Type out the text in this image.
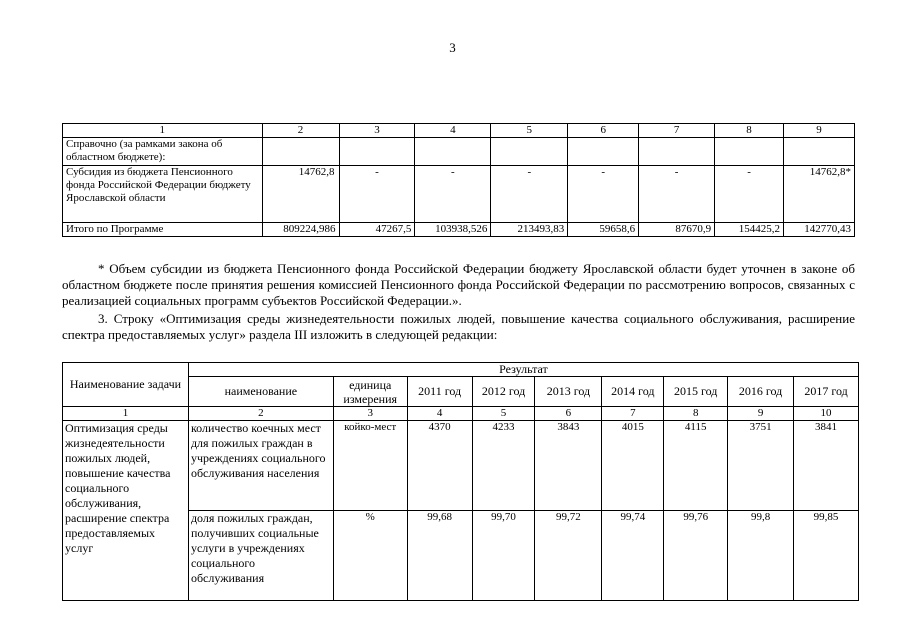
3
1	2	3	4	5	6	7	8	9
Справочно (за рамками закона об областном бюджете):								
Субсидия из бюджета Пенсионного фонда Российской Федерации бюджету Ярославской области	14762,8	-	-	-	-	-	-	14762,8*
Итого по Программе	809224,986	47267,5	103938,526	213493,83	59658,6	87670,9	154425,2	142770,43

* Объем субсидии из бюджета Пенсионного фонда Российской Федерации бюджету Ярославской области будет уточнен в законе об областном бюджете после принятия решения комиссией Пенсионного фонда Российской Федерации по рассмотрению вопросов, связанных с реализацией социальных программ субъектов Российской Федерации.».

3. Строку «Оптимизация среды жизнедеятельности пожилых людей, повышение качества социального обслуживания, расширение спектра предоставляемых услуг» раздела III изложить в следующей редакции:

Наименование задачи	Результат								
	наименование	единица измерения	2011 год	2012 год	2013 год	2014 год	2015 год	2016 год	2017 год
1	2	3	4	5	6	7	8	9	10
Оптимизация среды жизнедеятельности пожилых людей, повышение качества социального обслуживания, расширение спектра предоставляемых услуг	количество коечных мест для пожилых граждан в учреждениях социального обслуживания населения	койко-мест	4370	4233	3843	4015	4115	3751	3841
	доля пожилых граждан, получивших социальные услуги в учреждениях социального обслуживания	%	99,68	99,70	99,72	99,74	99,76	99,8	99,85
